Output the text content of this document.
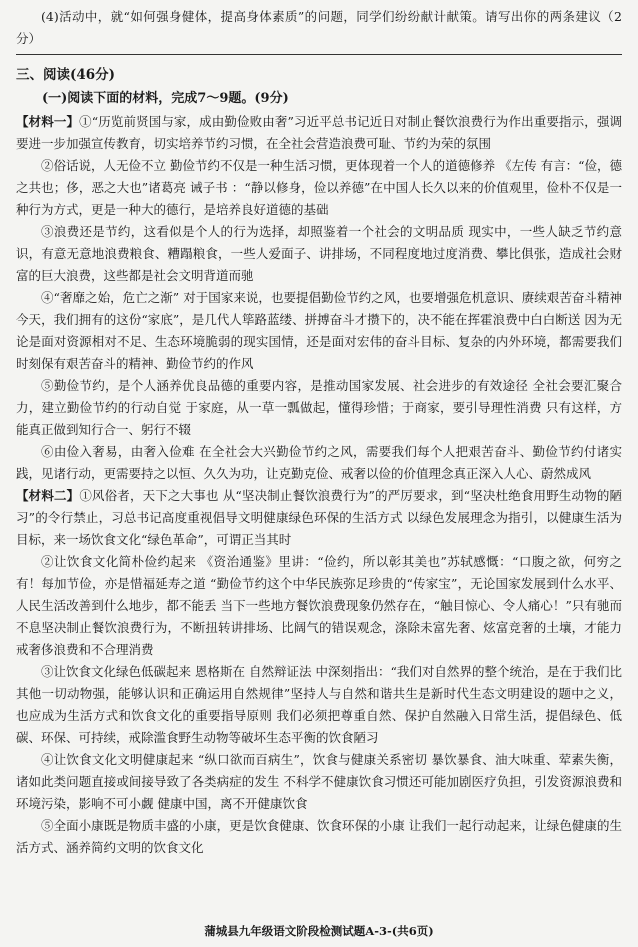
(4)活动中，就“如何强身健体，提高身体素质”的问题，同学们纷纷献计献策。请写出你的两条建议（2分）

三、阅读(46分)

(一)阅读下面的材料，完成7～9题。(9分)

【材料一】①“历览前贤国与家，成由勤俭败由奢”习近平总书记近日对制止餐饮浪费行为作出重要指示，强调要进一步加强宣传教育，切实培养节约习惯，在全社会营造浪费可耻、节约为荣的氛围

②俗话说，人无俭不立 勤俭节约不仅是一种生活习惯，更体现着一个人的道德修养 《左传 有言：“俭，德之共也；侈，恶之大也”诸葛亮 诫子书 ：“静以修身，俭以养德”在中国人长久以来的价值观里，俭朴不仅是一种行为方式，更是一种大的德行，是培养良好道德的基础

③浪费还是节约，这看似是个人的行为选择，却照鉴着一个社会的文明品质 现实中，一些人缺乏节约意识，有意无意地浪费粮食、糟蹋粮食，一些人爱面子、讲排场，不同程度地过度消费、攀比俱张，造成社会财富的巨大浪费，这些都是社会文明背道而驰

④“奢靡之始，危亡之渐” 对于国家来说，也要提倡勤俭节约之风，也要增强危机意识、赓续艰苦奋斗精神 今天，我们拥有的这份“家底”，是几代人筚路蓝缕、拼搏奋斗才攒下的，决不能在挥霍浪费中白白断送 因为无论是面对资源相对不足、生态环境脆弱的现实国情，还是面对宏伟的奋斗目标、复杂的内外环境，都需要我们时刻保有艰苦奋斗的精神、勤俭节约的作风

⑤勤俭节约，是个人涵养优良品德的重要内容，是推动国家发展、社会进步的有效途径 全社会要汇聚合力，建立勤俭节约的行动自觉 于家庭，从一草一瓢做起，懂得珍惜；于商家，要引导理性消费 只有这样，方能真正做到知行合一、躬行不辍

⑥由俭入奢易，由奢入俭难 在全社会大兴勤俭节约之风，需要我们每个人把艰苦奋斗、勤俭节约付诸实践，见诸行动，更需要持之以恒、久久为功，让克勤克俭、戒奢以俭的价值理念真正深入人心、蔚然成风

【材料二】①风俗者，天下之大事也 从“坚决制止餐饮浪费行为”的严厉要求，到“坚决杜绝食用野生动物的陋习”的令行禁止，习总书记高度重视倡导文明健康绿色环保的生活方式 以绿色发展理念为指引，以健康生活为目标，来一场饮食文化“绿色革命”，可谓正当其时

②让饮食文化简朴俭约起来 《资治通鉴》里讲：“俭约，所以彰其美也”苏轼感慨：“口腹之欲，何穷之有！每加节俭，亦是惜福延寿之道 “勤俭节约这个中华民族弥足珍贵的“传家宝”，无论国家发展到什么水平、人民生活改善到什么地步，都不能丢 当下一些地方餐饮浪费现象仍然存在，“触目惊心、令人痛心！”只有驰而不息坚决制止餐饮浪费行为，不断扭转讲排场、比阔气的错误观念，涤除未富先奢、炫富竞奢的土壤，才能力戒奢侈浪费和不合理消费

③让饮食文化绿色低碳起来 恩格斯在 自然辩证法 中深刻指出：“我们对自然界的整个统治，是在于我们比其他一切动物强，能够认识和正确运用自然规律”坚持人与自然和谐共生是新时代生态文明建设的题中之义，也应成为生活方式和饮食文化的重要指导原则 我们必须把尊重自然、保护自然融入日常生活，提倡绿色、低碳、环保、可持续，戒除滥食野生动物等破坏生态平衡的饮食陋习

④让饮食文化文明健康起来 “纵口欲而百病生”，饮食与健康关系密切 暴饮暴食、油大味重、荤素失衡，诸如此类问题直接或间接导致了各类病症的发生 不科学不健康饮食习惯还可能加剧医疗负担，引发资源浪费和环境污染，影响不可小觑 健康中国，离不开健康饮食

⑤全面小康既是物质丰盛的小康，更是饮食健康、饮食环保的小康 让我们一起行动起来，让绿色健康的生活方式、涵养简约文明的饮食文化

蒲城县九年级语文阶段检测试题A-3-(共6页)
